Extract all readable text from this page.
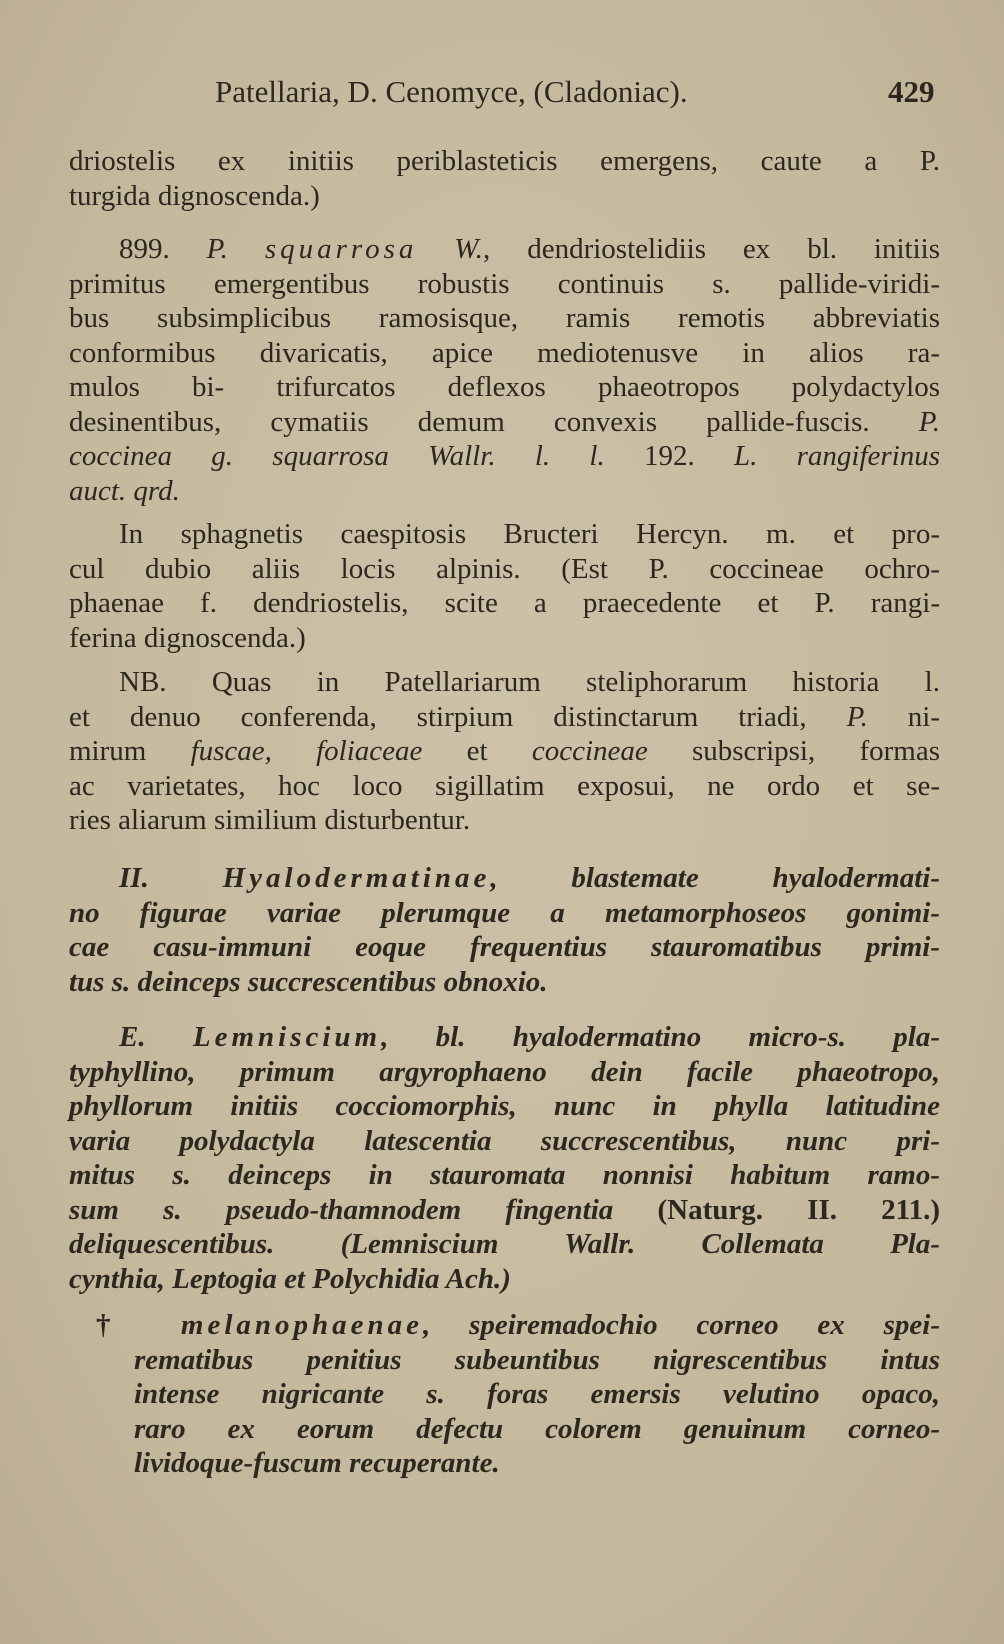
Patellaria, D. Cenomyce, (Cladoniac).	429
driostelis ex initiis periblasteticis emergens, caute a P.
turgida dignoscenda.)
899. P. squarrosa W., dendriostelidiis ex bl. initiis
primitus emergentibus robustis continuis s. pallide-viridi-
bus subsimplicibus ramosisque, ramis remotis abbreviatis
conformibus divaricatis, apice mediotenusve in alios ra-
mulos bi- trifurcatos deflexos phaeotropos polydactylos
desinentibus, cymatiis demum convexis pallide-fuscis. P.
coccinea g. squarrosa Wallr. l. l. 192. L. rangiferinus
auct. qrd.
In sphagnetis caespitosis Bructeri Hercyn. m. et pro-
cul dubio aliis locis alpinis. (Est P. coccineae ochro-
phaenae f. dendriostelis, scite a praecedente et P. rangi-
ferina dignoscenda.)
NB. Quas in Patellariarum steliphorarum historia l.
et denuo conferenda, stirpium distinctarum triadi, P. ni-
mirum fuscae, foliaceae et coccineae subscripsi, formas
ac varietates, hoc loco sigillatim exposui, ne ordo et se-
ries aliarum similium disturbentur.
II. Hyalodermatinae, blastemate hyalodermati-
no figurae variae plerumque a metamorphoseos gonimi-
cae casu-immuni eoque frequentius stauromatibus primi-
tus s. deinceps succrescentibus obnoxio.
E. Lemniscium, bl. hyalodermatino micro-s. pla-
typhyllino, primum argyrophaeno dein facile phaeotropo,
phyllorum initiis cocciomorphis, nunc in phylla latitudine
varia polydactyla latescentia succrescentibus, nunc pri-
mitus s. deinceps in stauromata nonnisi habitum ramo-
sum s. pseudo-thamnodem fingentia (Naturg. II. 211.)
deliquescentibus. (Lemniscium Wallr. Collemata Pla-
cynthia, Leptogia et Polychidia Ach.)
† melanophaenae, speiremadochio corneo ex spei-
rematibus penitius subeuntibus nigrescentibus intus
intense nigricante s. foras emersis velutino opaco,
raro ex eorum defectu colorem genuinum corneo-
lividoque-fuscum recuperante.
